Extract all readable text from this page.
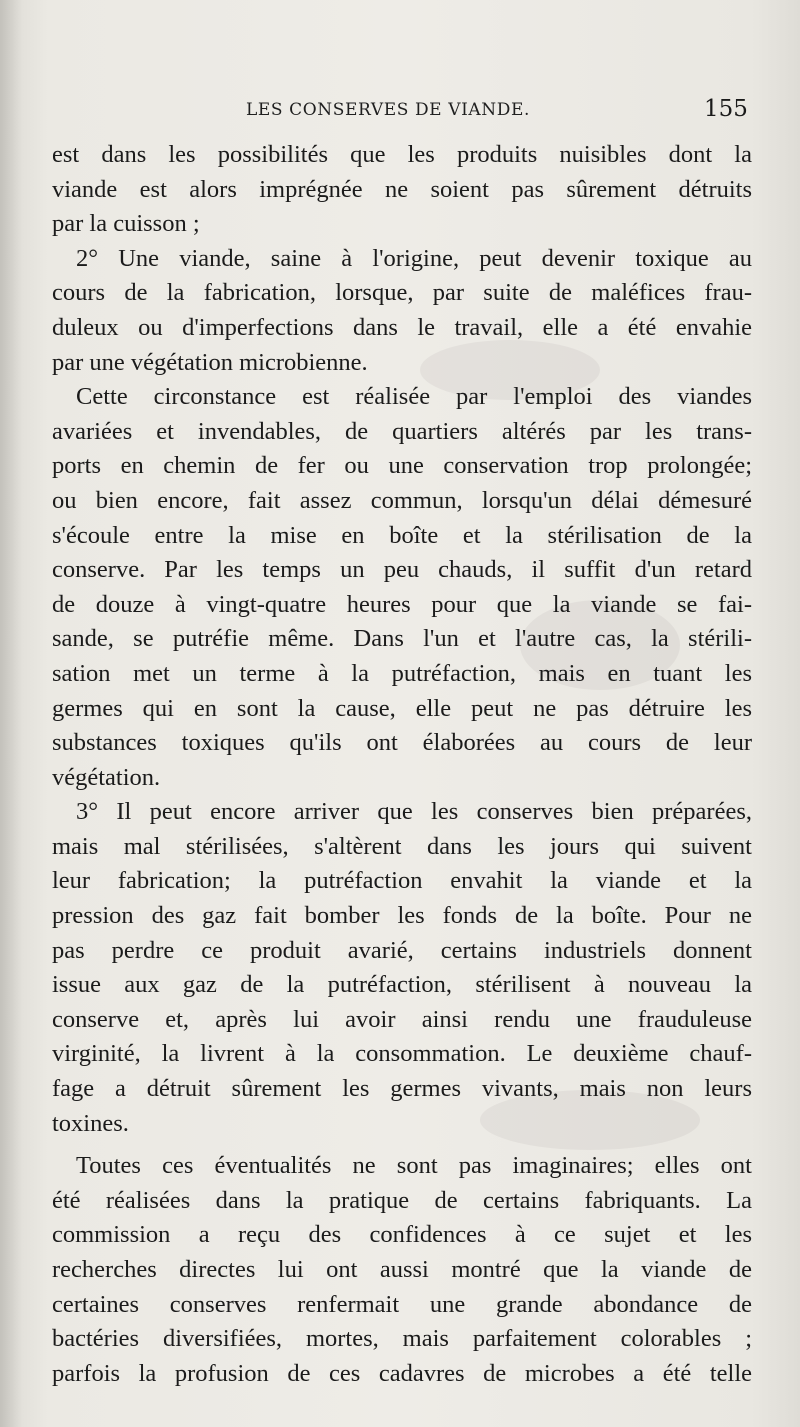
LES CONSERVES DE VIANDE.	155
est dans les possibilités que les produits nuisibles dont la
viande est alors imprégnée ne soient pas sûrement détruits
par la cuisson ;
2° Une viande, saine à l'origine, peut devenir toxique au
cours de la fabrication, lorsque, par suite de maléfices frau-
duleux ou d'imperfections dans le travail, elle a été envahie
par une végétation microbienne.
Cette circonstance est réalisée par l'emploi des viandes
avariées et invendables, de quartiers altérés par les trans-
ports en chemin de fer ou une conservation trop prolongée;
ou bien encore, fait assez commun, lorsqu'un délai démesuré
s'écoule entre la mise en boîte et la stérilisation de la
conserve. Par les temps un peu chauds, il suffit d'un retard
de douze à vingt-quatre heures pour que la viande se fai-
sande, se putréfie même. Dans l'un et l'autre cas, la stérili-
sation met un terme à la putréfaction, mais en tuant les
germes qui en sont la cause, elle peut ne pas détruire les
substances toxiques qu'ils ont élaborées au cours de leur
végétation.
3° Il peut encore arriver que les conserves bien préparées,
mais mal stérilisées, s'altèrent dans les jours qui suivent
leur fabrication; la putréfaction envahit la viande et la
pression des gaz fait bomber les fonds de la boîte. Pour ne
pas perdre ce produit avarié, certains industriels donnent
issue aux gaz de la putréfaction, stérilisent à nouveau la
conserve et, après lui avoir ainsi rendu une frauduleuse
virginité, la livrent à la consommation. Le deuxième chauf-
fage a détruit sûrement les germes vivants, mais non leurs
toxines.
Toutes ces éventualités ne sont pas imaginaires; elles ont
été réalisées dans la pratique de certains fabriquants. La
commission a reçu des confidences à ce sujet et les
recherches directes lui ont aussi montré que la viande de
certaines conserves renfermait une grande abondance de
bactéries diversifiées, mortes, mais parfaitement colorables ;
parfois la profusion de ces cadavres de microbes a été telle
